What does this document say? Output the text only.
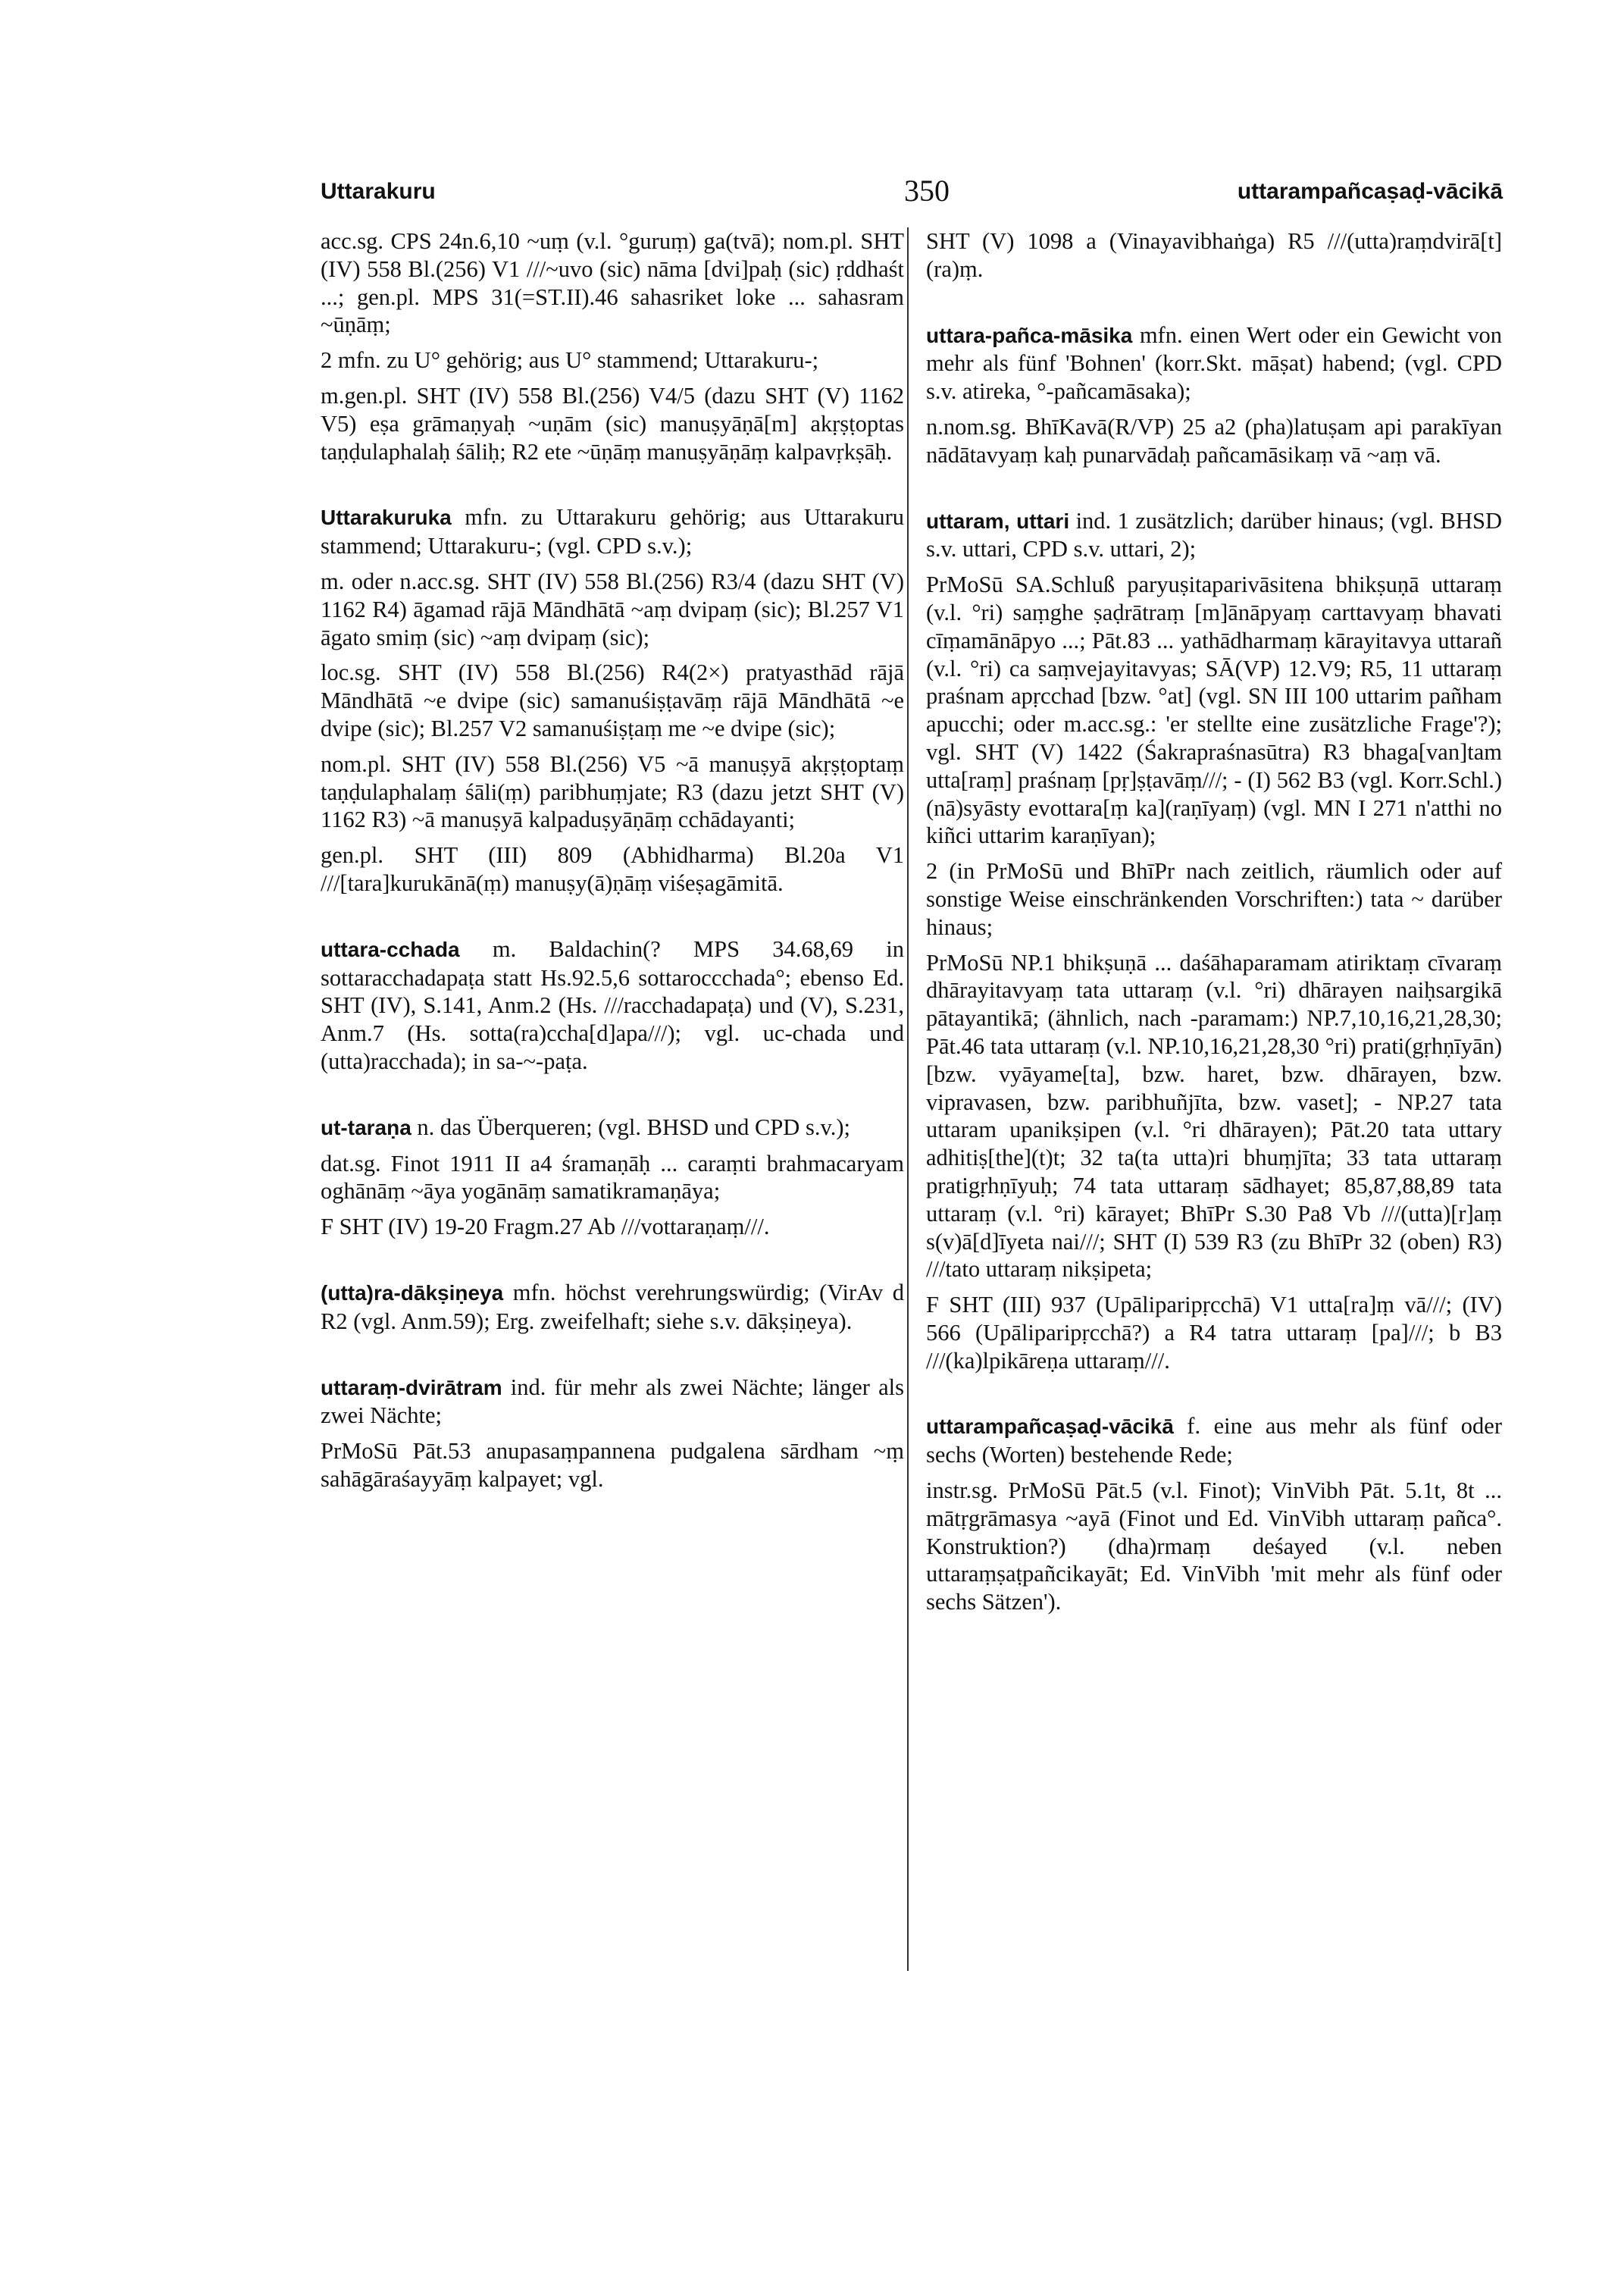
Uttarakuru	350	uttarampañcaṣaḍ-vācikā
acc.sg. CPS 24n.6,10 ~uṃ (v.l. °guruṃ) ga(tvā); nom.pl. SHT (IV) 558 Bl.(256) V1 ///~uvo (sic) nāma [dvi]paḥ (sic) ṛddhaśt ...; gen.pl. MPS 31(=ST.II).46 sahasriket loke ... sahasram ~ūṇāṃ;
2 mfn. zu U° gehörig; aus U° stammend; Uttarakuru-;
m.gen.pl. SHT (IV) 558 Bl.(256) V4/5 (dazu SHT (V) 1162 V5) eṣa grāmaṇyaḥ ~uṇām (sic) manuṣyāṇā[m] akṛṣṭoptas taṇḍulaphalaḥ śāliḥ; R2 ete ~ūṇāṃ manuṣyāṇāṃ kalpavṛkṣāḥ.
Uttarakuruka mfn. zu Uttarakuru gehörig; aus Uttarakuru stammend; Uttarakuru-; (vgl. CPD s.v.);
m. oder n.acc.sg. SHT (IV) 558 Bl.(256) R3/4 (dazu SHT (V) 1162 R4) āgamad rājā Māndhātā ~aṃ dvipaṃ (sic); Bl.257 V1 āgato smiṃ (sic) ~aṃ dvipaṃ (sic);
loc.sg. SHT (IV) 558 Bl.(256) R4(2×) pratyasthād rājā Māndhātā ~e dvipe (sic) samanuśiṣṭavāṃ rājā Māndhātā ~e dvipe (sic); Bl.257 V2 samanuśiṣṭaṃ me ~e dvipe (sic);
nom.pl. SHT (IV) 558 Bl.(256) V5 ~ā manuṣyā akṛṣṭoptaṃ taṇḍulaphalaṃ śāli(ṃ) paribhuṃjate; R3 (dazu jetzt SHT (V) 1162 R3) ~ā manuṣyā kalpaduṣyāṇāṃ cchādayanti;
gen.pl. SHT (III) 809 (Abhidharma) Bl.20a V1 ///[tara]kurukānā(ṃ) manuṣy(ā)ṇāṃ viśeṣagāmitā.
uttara-cchada m. Baldachin(? MPS 34.68,69 in sottaracchadapaṭa statt Hs.92.5,6 sottaroccchada°; ebenso Ed. SHT (IV), S.141, Anm.2 (Hs. ///racchadapaṭa) und (V), S.231, Anm.7 (Hs. sotta(ra)ccha[d]apa///); vgl. uc-chada und (utta)racchada); in sa-~-paṭa.
ut-taraṇa n. das Überqueren; (vgl. BHSD und CPD s.v.);
dat.sg. Finot 1911 II a4 śramaṇāḥ ... caraṃti brahmacaryam oghānāṃ ~āya yogānāṃ samatikramaṇāya;
F SHT (IV) 19-20 Fragm.27 Ab ///vottaraṇaṃ///.
(utta)ra-dākṣiṇeya mfn. höchst verehrungswürdig; (VirAv d R2 (vgl. Anm.59); Erg. zweifelhaft; siehe s.v. dākṣiṇeya).
uttaraṃ-dvirātram ind. für mehr als zwei Nächte; länger als zwei Nächte;
PrMoSū Pāt.53 anupasaṃpannena pudgalena sārdham ~ṃ sahāgāraśayyāṃ kalpayet; vgl.
SHT (V) 1098 a (Vinayavibhaṅga) R5 ///(utta)raṃdvirā[t](ra)ṃ.
uttara-pañca-māsika mfn. einen Wert oder ein Gewicht von mehr als fünf 'Bohnen' (korr.Skt. māṣat) habend; (vgl. CPD s.v. atireka, °-pañcamāsaka);
n.nom.sg. BhīKavā(R/VP) 25 a2 (pha)latuṣam api parakīyan nādātavyaṃ kaḥ punarvādaḥ pañcamāsikaṃ vā ~aṃ vā.
uttaram, uttari ind. 1 zusätzlich; darüber hinaus; (vgl. BHSD s.v. uttari, CPD s.v. uttari, 2);
PrMoSū SA.Schluß paryuṣitaparivāsitena bhikṣuṇā uttaraṃ (v.l. °ri) saṃghe ṣaḍrātraṃ [m]ānāpyaṃ carttavyaṃ bhavati cīṃamānāpyo ...; Pāt.83 ... yathādharmaṃ kārayitavya uttarañ (v.l. °ri) ca saṃvejayitavyas; SĀ(VP) 12.V9; R5, 11 uttaraṃ praśnam apṛcchad [bzw. °at] (vgl. SN III 100 uttarim pañham apucchi; oder m.acc.sg.: 'er stellte eine zusätzliche Frage'?); vgl. SHT (V) 1422 (Śakrapraśnasūtra) R3 bhaga[van]tam utta[raṃ] praśnaṃ [pṛ]ṣṭavāṃ///; - (I) 562 B3 (vgl. Korr.Schl.) (nā)syāsty evottara[ṃ ka](raṇīyaṃ) (vgl. MN I 271 n'atthi no kiñci uttarim karaṇīyan);
2 (in PrMoSū und BhīPr nach zeitlich, räumlich oder auf sonstige Weise einschränkenden Vorschriften:) tata ~ darüber hinaus;
PrMoSū NP.1 bhikṣuṇā ... daśāhaparamam atiriktaṃ cīvaraṃ dhārayitavyaṃ tata uttaraṃ (v.l. °ri) dhārayen naiḥsargikā pātayantikā; (ähnlich, nach -paramam:) NP.7,10,16,21,28,30; Pāt.46 tata uttaraṃ (v.l. NP.10,16,21,28,30 °ri) prati(gṛhṇīyān) [bzw. vyāyame[ta], bzw. haret, bzw. dhārayen, bzw. vipravasen, bzw. paribhuñjīta, bzw. vaset]; - NP.27 tata uttaram upanikṣipen (v.l. °ri dhārayen); Pāt.20 tata uttary adhitiṣ[the](t)t; 32 ta(ta utta)ri bhuṃjīta; 33 tata uttaraṃ pratigṛhṇīyuḥ; 74 tata uttaraṃ sādhayet; 85,87,88,89 tata uttaraṃ (v.l. °ri) kārayet; BhīPr S.30 Pa8 Vb ///(utta)[r]aṃ s(v)ā[d]īyeta nai///; SHT (I) 539 R3 (zu BhīPr 32 (oben) R3) ///tato uttaraṃ nikṣipeta;
F SHT (III) 937 (Upāliparipṛcchā) V1 utta[ra]ṃ vā///; (IV) 566 (Upāliparipṛcchā?) a R4 tatra uttaraṃ [pa]///; b B3 ///(ka)lpikāreṇa uttaraṃ///.
uttarampañcaṣaḍ-vācikā f. eine aus mehr als fünf oder sechs (Worten) bestehende Rede;
instr.sg. PrMoSū Pāt.5 (v.l. Finot); VinVibh Pāt. 5.1t, 8t ... mātṛgrāmasya ~ayā (Finot und Ed. VinVibh uttaraṃ pañca°. Konstruktion?) (dha)rmaṃ deśayed (v.l. neben uttaraṃṣaṭpañcikayāt; Ed. VinVibh 'mit mehr als fünf oder sechs Sätzen').
